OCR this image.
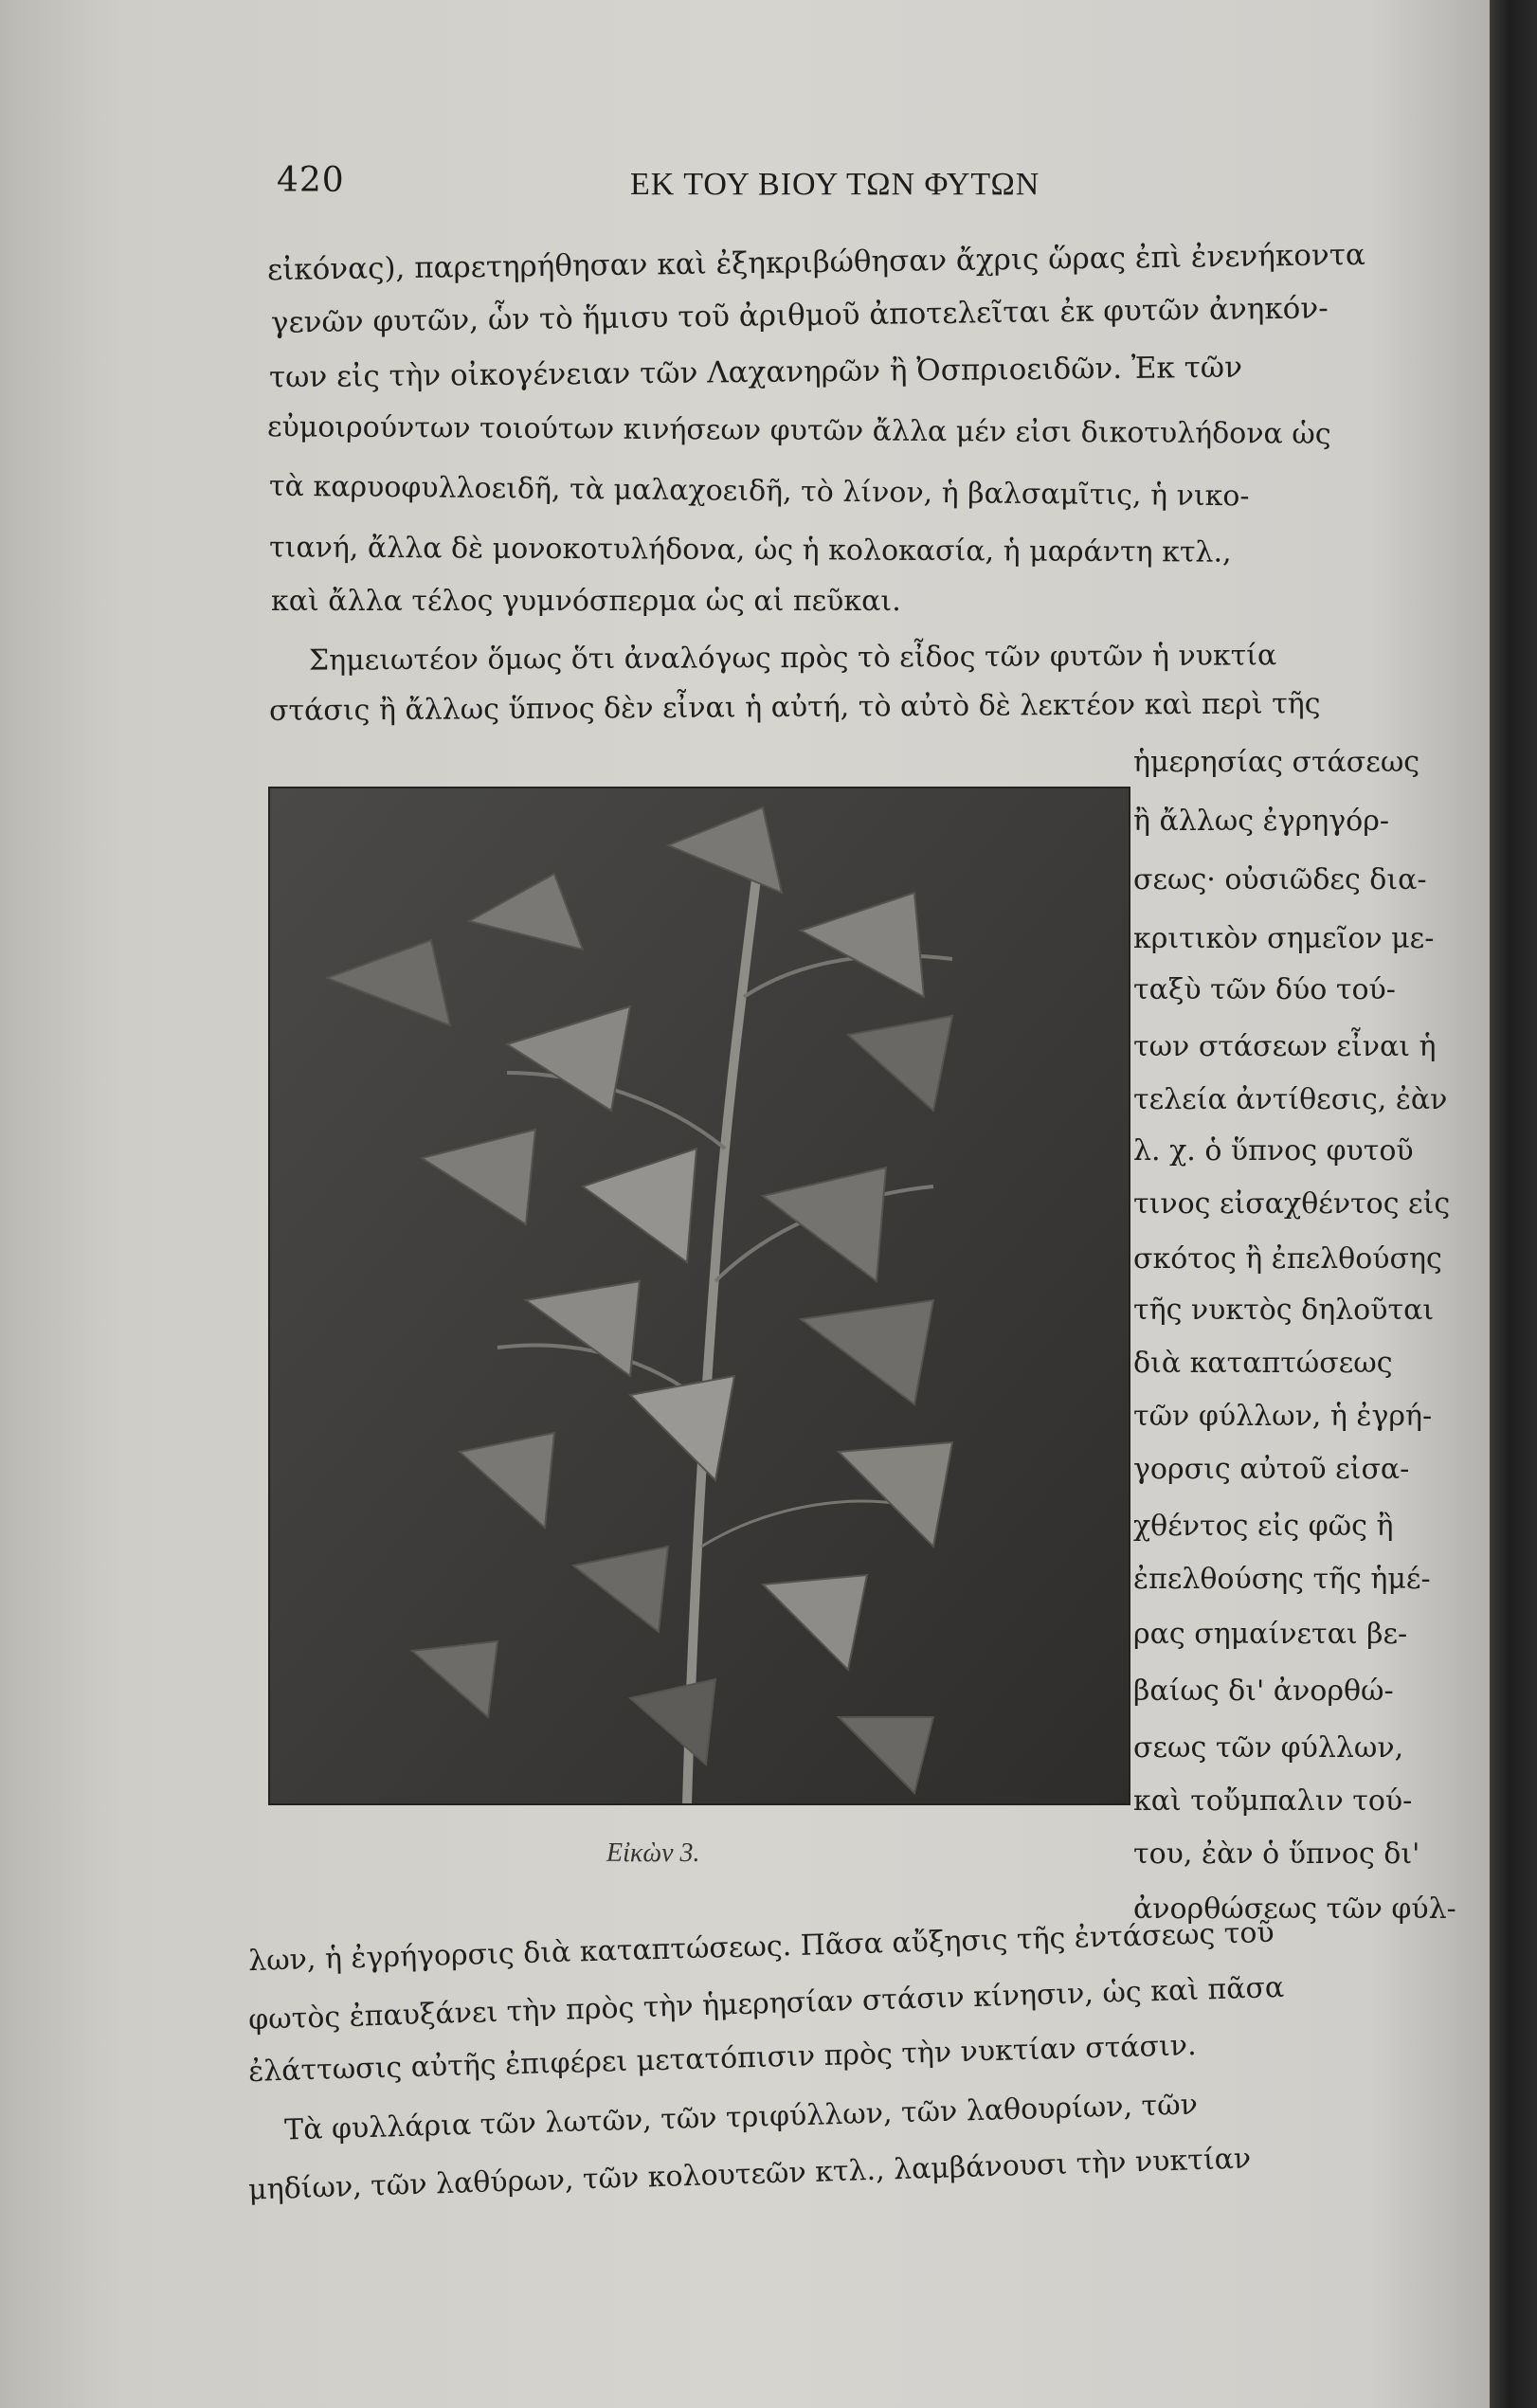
420	ΕΚ ΤΟΥ ΒΙΟΥ ΤΩΝ ΦΥΤΩΝ
εἰκόνας), παρετηρήθησαν καὶ ἐξηκριβώθησαν ἄχρις ὥρας ἐπὶ ἐνενήκοντα
γενῶν φυτῶν, ὧν τὸ ἥμισυ τοῦ ἀριθμοῦ ἀποτελεῖται ἐκ φυτῶν ἀνηκόν-
των εἰς τὴν οἰκογένειαν τῶν Λαχανηρῶν ἢ Ὀσπριοειδῶν. Ἐκ τῶν
εὐμοιρούντων τοιούτων κινήσεων φυτῶν ἄλλα μέν εἰσι δικοτυλήδονα ὡς
τὰ καρυοφυλλοειδῆ, τὰ μαλαχοειδῆ, τὸ λίνον, ἡ βαλσαμῖτις, ἡ νικο-
τιανή, ἄλλα δὲ μονοκοτυλήδονα, ὡς ἡ κολοκασία, ἡ μαράντη κτλ.,
καὶ ἄλλα τέλος γυμνόσπερμα ὡς αἱ πεῦκαι.
Σημειωτέον ὅμως ὅτι ἀναλόγως πρὸς τὸ εἶδος τῶν φυτῶν ἡ νυκτία
στάσις ἢ ἄλλως ὕπνος δὲν εἶναι ἡ αὐτή, τὸ αὐτὸ δὲ λεκτέον καὶ περὶ τῆς
ἡμερησίας στάσεως
ἢ ἄλλως ἐγρηγόρ-
σεως· οὐσιῶδες δια-
κριτικὸν σημεῖον με-
ταξὺ τῶν δύο τού-
των στάσεων εἶναι ἡ
τελεία ἀντίθεσις, ἐὰν
λ. χ. ὁ ὕπνος φυτοῦ
τινος εἰσαχθέντος εἰς
σκότος ἢ ἐπελθούσης
τῆς νυκτὸς δηλοῦται
διὰ καταπτώσεως
τῶν φύλλων, ἡ ἐγρή-
γορσις αὐτοῦ εἰσα-
χθέντος εἰς φῶς ἢ
ἐπελθούσης τῆς ἡμέ-
ρας σημαίνεται βε-
βαίως δι' ἀνορθώ-
σεως τῶν φύλλων,
καὶ τοὔμπαλιν τού-
του, ἐὰν ὁ ὕπνος δι'
ἀνορθώσεως τῶν φύλ-
Εἰκὼν 3.
λων, ἡ ἐγρήγορσις διὰ καταπτώσεως. Πᾶσα αὔξησις τῆς ἐντάσεως τοῦ
φωτὸς ἐπαυξάνει τὴν πρὸς τὴν ἡμερησίαν στάσιν κίνησιν, ὡς καὶ πᾶσα
ἐλάττωσις αὐτῆς ἐπιφέρει μετατόπισιν πρὸς τὴν νυκτίαν στάσιν.
Τὰ φυλλάρια τῶν λωτῶν, τῶν τριφύλλων, τῶν λαθουρίων, τῶν
μηδίων, τῶν λαθύρων, τῶν κολουτεῶν κτλ., λαμβάνουσι τὴν νυκτίαν
